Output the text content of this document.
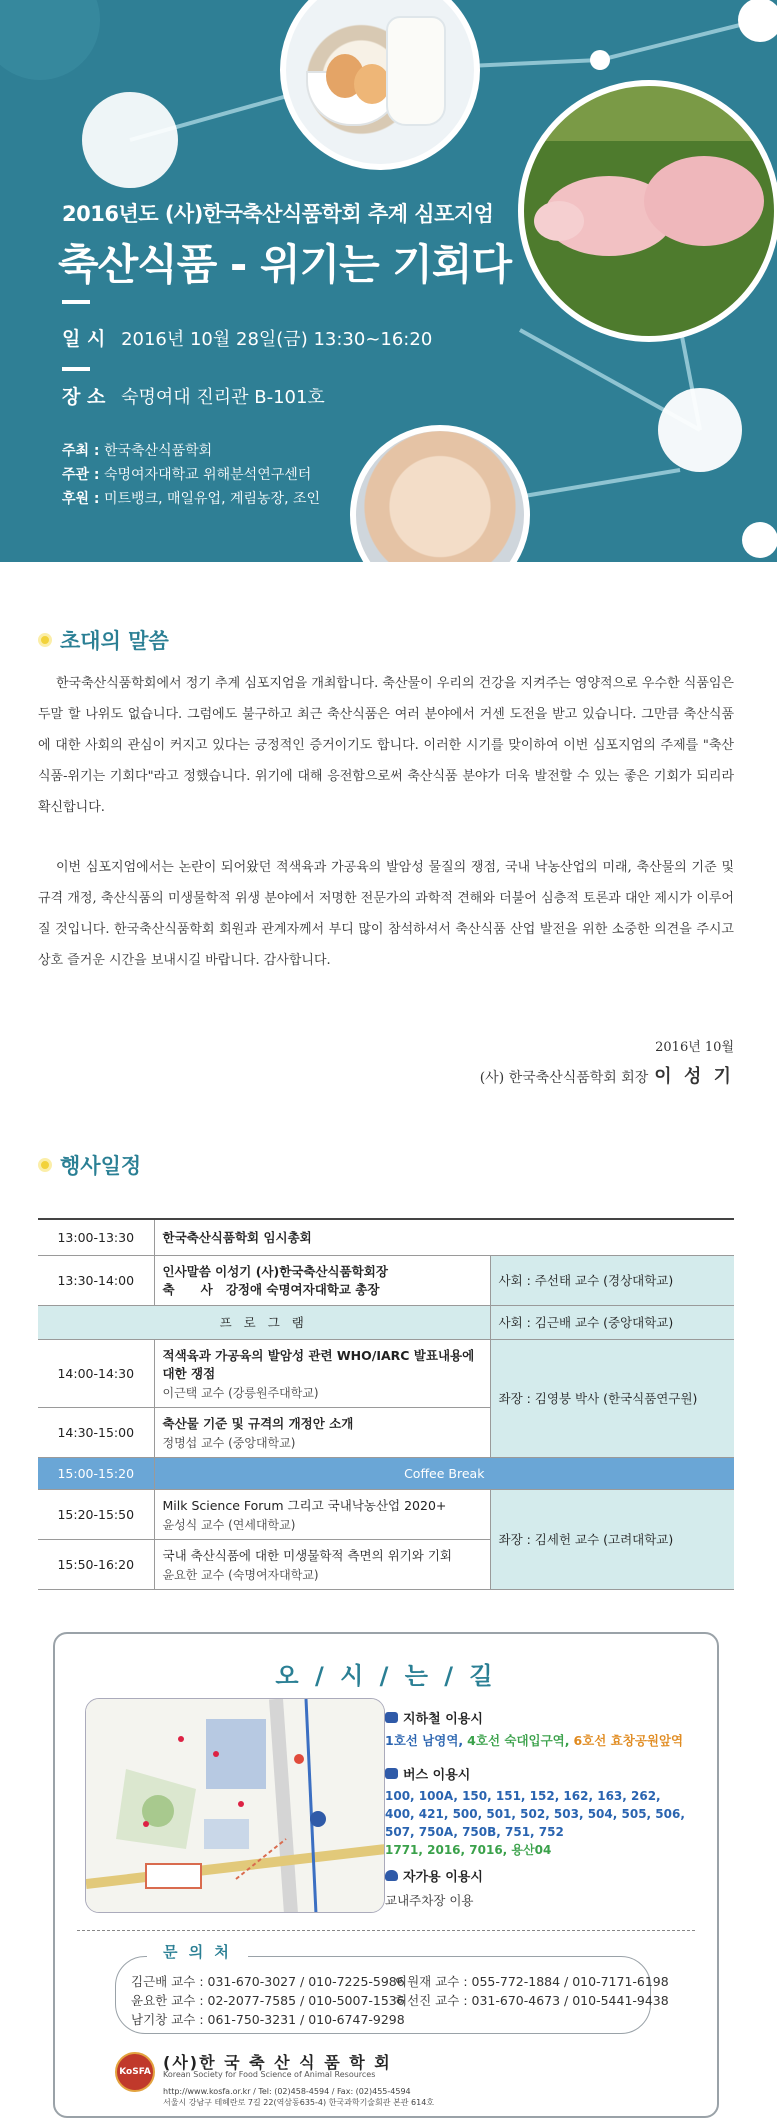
2016년도 (사)한국축산식품학회 추계 심포지엄
축산식품 - 위기는 기회다
일 시 2016년 10월 28일(금) 13:30~16:20
장 소 숙명여대 진리관 B-101호
주최 : 한국축산식품학회
주관 : 숙명여자대학교 위해분석연구센터
후원 : 미트뱅크, 매일유업, 계림농장, 조인
초대의 말씀

한국축산식품학회에서 정기 추계 심포지엄을 개최합니다. 축산물이 우리의 건강을 지켜주는 영양적으로 우수한 식품임은 두말 할 나위도 없습니다. 그럼에도 불구하고 최근 축산식품은 여러 분야에서 거센 도전을 받고 있습니다. 그만큼 축산식품에 대한 사회의 관심이 커지고 있다는 긍정적인 증거이기도 합니다. 이러한 시기를 맞이하여 이번 심포지엄의 주제를 "축산식품-위기는 기회다"라고 정했습니다. 위기에 대해 응전함으로써 축산식품 분야가 더욱 발전할 수 있는 좋은 기회가 되리라 확신합니다.

이번 심포지엄에서는 논란이 되어왔던 적색육과 가공육의 발암성 물질의 쟁점, 국내 낙농산업의 미래, 축산물의 기준 및 규격 개정, 축산식품의 미생물학적 위생 분야에서 저명한 전문가의 과학적 견해와 더불어 심층적 토론과 대안 제시가 이루어질 것입니다. 한국축산식품학회 회원과 관계자께서 부디 많이 참석하셔서 축산식품 산업 발전을 위한 소중한 의견을 주시고 상호 즐거운 시간을 보내시길 바랍니다. 감사합니다.

2016년 10월
(사) 한국축산식품학회 회장 이 성 기
행사일정
13:00-13:30	한국축산식품학회 임시총회	
13:30-14:00	인사말씀 이성기 (사)한국축산식품학회장
축      사   강정애 숙명여자대학교 총장	사회 : 주선태 교수 (경상대학교)
프 로 그 램		사회 : 김근배 교수 (중앙대학교)
14:00-14:30	적색육과 가공육의 발암성 관련 WHO/IARC 발표내용에 대한 쟁점
이근택 교수 (강릉원주대학교)	좌장 : 김영붕 박사 (한국식품연구원)
14:30-15:00	축산물 기준 및 규격의 개정안 소개
정명섭 교수 (중앙대학교)	

15:00-15:20	Coffee Break	
15:20-15:50	Milk Science Forum 그리고 국내낙농산업 2020+
윤성식 교수 (연세대학교)	좌장 : 김세헌 교수 (고려대학교)
15:50-16:20	국내 축산식품에 대한 미생물학적 측면의 위기와 기회
윤요한 교수 (숙명여자대학교)	
오 / 시 / 는 / 길
지하철 이용시
1호선 남영역, 4호선 숙대입구역, 6호선 효창공원앞역
버스 이용시
100, 100A, 150, 151, 152, 162, 163, 262, 400, 421, 500, 501, 502, 503, 504, 505, 506, 507, 750A, 750B, 751, 752
1771, 2016, 7016, 용산04
자가용 이용시
교내주차장 이용
문 의 처
김근배 교수 : 031-670-3027 / 010-7225-5986
윤요한 교수 : 02-2077-7585 / 010-5007-1536
남기창 교수 : 061-750-3231 / 010-6747-9298
이원재 교수 : 055-772-1884 / 010-7171-6198
허선진 교수 : 031-670-4673 / 010-5441-9438
KoSFA (사)한 국 축 산 식 품 학 회
Korean Society for Food Science of Animal Resources
http://www.kosfa.or.kr / Tel: (02)458-4594 / Fax: (02)455-4594
서울시 강남구 테헤란로 7길 22(역삼동635-4) 한국과학기술회관 본관 614호
